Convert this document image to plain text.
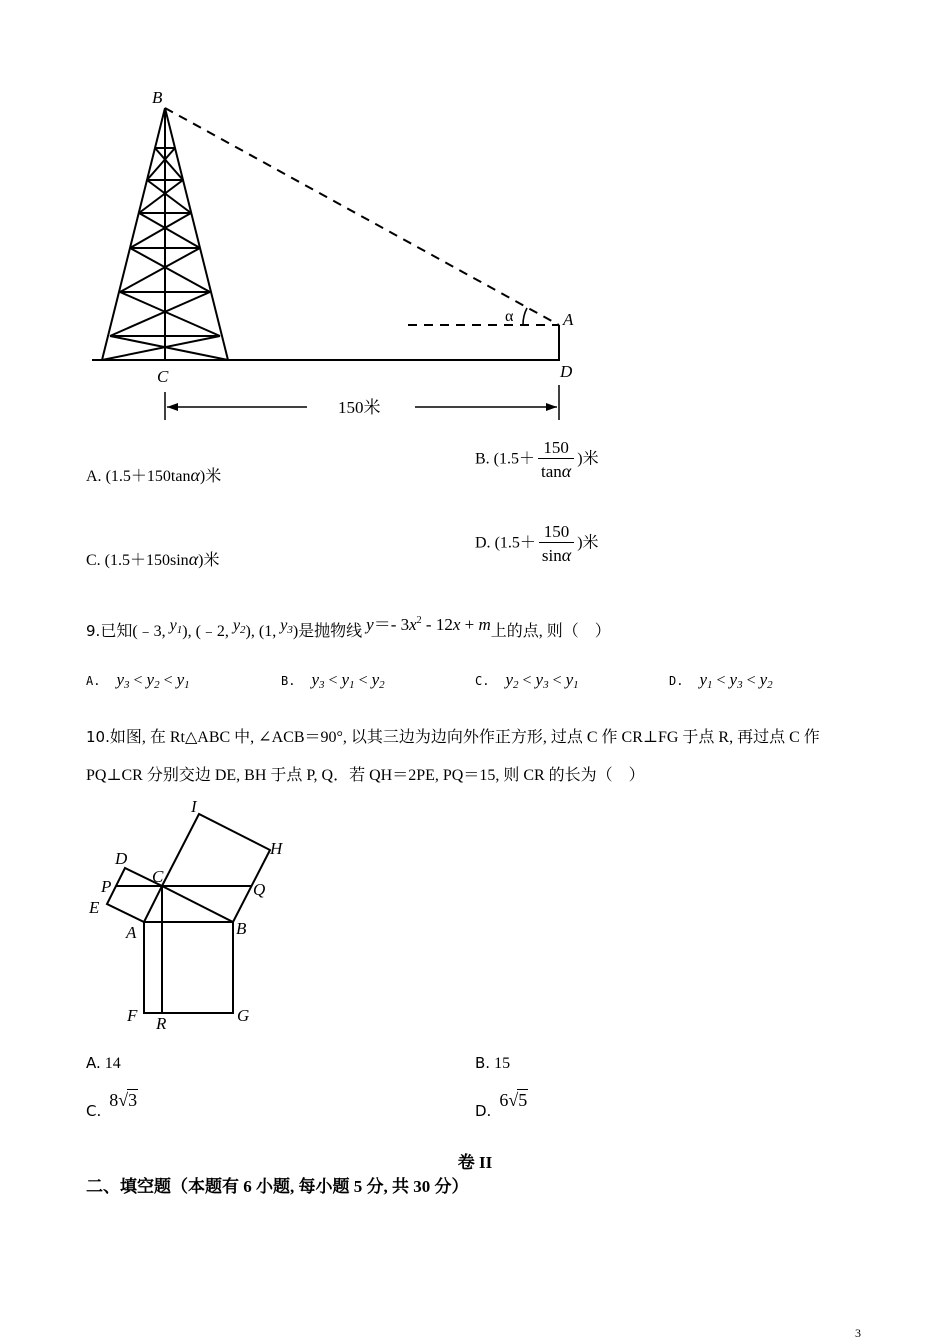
B
C	D
A
α
150米
A. (1.5＋150tanα)米
B. ($1.5+ \frac{150}{\tan\alpha}$ )米
C. (1.5＋150sinα)米
D. ($1.5+ \frac{150}{\sin\alpha}$ )米
9.已知(﹣3, y1), (﹣2, y2), (1, y3)是抛物线 y＝- $3x^2 - 12x + m$上的点, 则（　）
A. y3 < y2 < y1	B. y3 < y1 < y2	C. y2 < y3 < y1	D. y1 < y3 < y2
10.如图, 在 Rt△ABC 中, ∠ACB＝90°, 以其三边为边向外作正方形, 过点 C 作 CR⊥FG 于点 R, 再过点 C 作
PQ⊥CR 分别交边 DE, BH 于点 P, Q．若 QH＝2PE, PQ＝15, 则 CR 的长为（　）
I
H
D
C
P	Q
E
A	B
F R	G
A. 14	B. 15
C. 8√3
D. 6√5
卷 II
二、填空题（本题有 6 小题, 每小题 5 分, 共 30 分）
3
